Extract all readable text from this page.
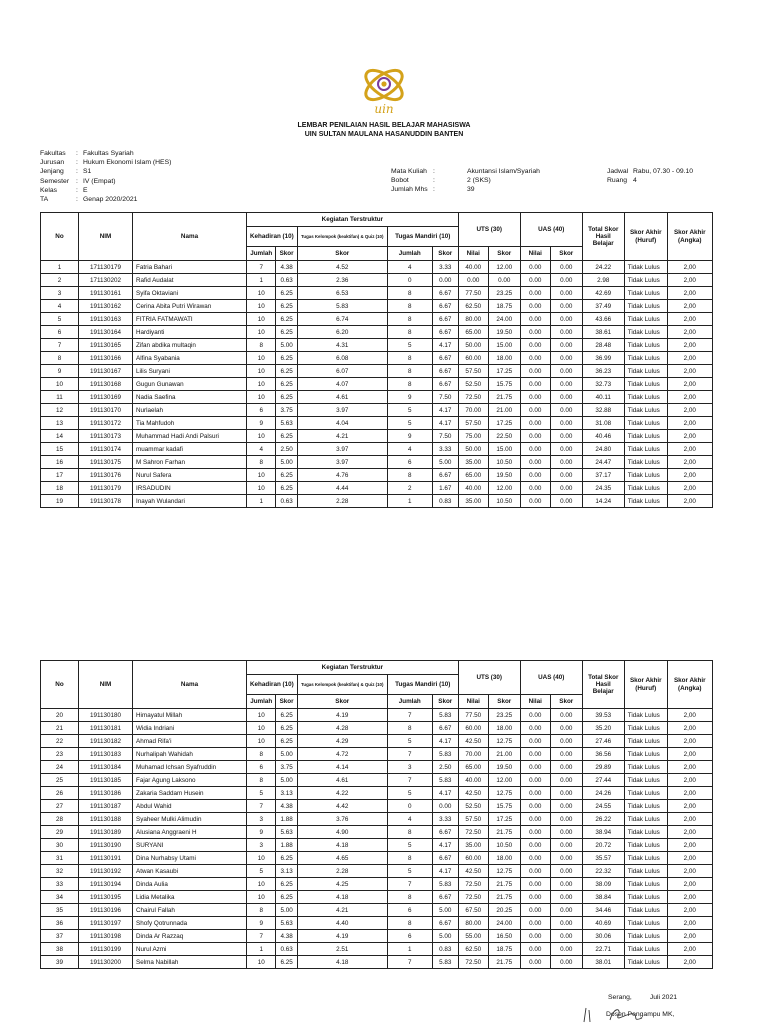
uin
LEMBAR PENILAIAN HASIL BELAJAR MAHASISWA
UIN SULTAN MAULANA HASANUDDIN BANTEN
Fakultas	: Fakultas Syariah
Jurusan	: Hukum Ekonomi Islam (HES)
Jenjang	: S1
Semester	: IV (Empat)
Kelas	: E
TA	: Genap 2020/2021
Mata Kuliah :	Akuntansi Islam/Syariah
Bobot	:	2 (SKS)
Jumlah Mhs :	39
Jadwal Rabu, 07.30 - 09.10
Ruang 4
No	NIM	Nama	Kegiatan Terstruktur					UTS (30)		UAS (40)		Total Skor Hasil Belajar	Skor Akhir (Huruf)	Skor Akhir (Angka)
			Kehadiran (10)		Tugas Kelompok (keaktifan) & Quiz (10)	Tugas Mandiri (10)								
			Jumlah	Skor	Skor	Jumlah	Skor	Nilai	Skor	Nilai	Skor			
1	171130179	Fatria Bahari	7	4.38	4.52	4	3.33	40.00	12.00	0.00	0.00	24.22	Tidak Lulus	2,00
2	171130202	Rafid Audalat	1	0.63	2.36	0	0.00	0.00	0.00	0.00	0.00	2.98	Tidak Lulus	2,00
3	191130161	Syifa Oktaviani	10	6.25	6.53	8	6.67	77.50	23.25	0.00	0.00	42.69	Tidak Lulus	2,00
4	191130162	Cerina Abita Putri Wirawan	10	6.25	5.83	8	6.67	62.50	18.75	0.00	0.00	37.49	Tidak Lulus	2,00
5	191130163	FITRIA FATMAWATI	10	6.25	6.74	8	6.67	80.00	24.00	0.00	0.00	43.66	Tidak Lulus	2,00
6	191130164	Hardiyanti	10	6.25	6.20	8	6.67	65.00	19.50	0.00	0.00	38.61	Tidak Lulus	2,00
7	191130165	Zifan abdika multaqin	8	5.00	4.31	5	4.17	50.00	15.00	0.00	0.00	28.48	Tidak Lulus	2,00
8	191130166	Alfina Syabania	10	6.25	6.08	8	6.67	60.00	18.00	0.00	0.00	36.99	Tidak Lulus	2,00
9	191130167	Lilis Suryani	10	6.25	6.07	8	6.67	57.50	17.25	0.00	0.00	36.23	Tidak Lulus	2,00
10	191130168	Gugun Gunawan	10	6.25	4.07	8	6.67	52.50	15.75	0.00	0.00	32.73	Tidak Lulus	2,00
11	191130169	Nadia Saefina	10	6.25	4.61	9	7.50	72.50	21.75	0.00	0.00	40.11	Tidak Lulus	2,00
12	191130170	Nurlaelah	6	3.75	3.97	5	4.17	70.00	21.00	0.00	0.00	32.88	Tidak Lulus	2,00
13	191130172	Tia Mahfudoh	9	5.63	4.04	5	4.17	57.50	17.25	0.00	0.00	31.08	Tidak Lulus	2,00
14	191130173	Muhammad Hadi Andi Palsuri	10	6.25	4.21	9	7.50	75.00	22.50	0.00	0.00	40.46	Tidak Lulus	2,00
15	191130174	muammar kadafi	4	2.50	3.97	4	3.33	50.00	15.00	0.00	0.00	24.80	Tidak Lulus	2,00
16	191130175	M Sahron Farhan	8	5.00	3.97	6	5.00	35.00	10.50	0.00	0.00	24.47	Tidak Lulus	2,00
17	191130176	Nurul Safera	10	6.25	4.76	8	6.67	65.00	19.50	0.00	0.00	37.17	Tidak Lulus	2,00
18	191130179	IRSADUDIN	10	6.25	4.44	2	1.67	40.00	12.00	0.00	0.00	24.35	Tidak Lulus	2,00
19	191130178	Inayah Wulandari	1	0.63	2.28	1	0.83	35.00	10.50	0.00	0.00	14.24	Tidak Lulus	2,00
No	NIM	Nama	Kegiatan Terstruktur					UTS (30)		UAS (40)		Total Skor Hasil Belajar	Skor Akhir (Huruf)	Skor Akhir (Angka)
			Kehadiran (10)		Tugas Kelompok (keaktifan) & Quiz (10)	Tugas Mandiri (10)								
			Jumlah	Skor	Skor	Jumlah	Skor	Nilai	Skor	Nilai	Skor			
20	191130180	Himayatul Millah	10	6.25	4.19	7	5.83	77.50	23.25	0.00	0.00	39.53	Tidak Lulus	2,00
21	191130181	Widia Indriani	10	6.25	4.28	8	6.67	60.00	18.00	0.00	0.00	35.20	Tidak Lulus	2,00
22	191130182	Ahmad Rifa'i	10	6.25	4.29	5	4.17	42.50	12.75	0.00	0.00	27.46	Tidak Lulus	2,00
23	191130183	Nurhalipah Wahidah	8	5.00	4.72	7	5.83	70.00	21.00	0.00	0.00	36.56	Tidak Lulus	2,00
24	191130184	Muhamad Ichsan Syafruddin	6	3.75	4.14	3	2.50	65.00	19.50	0.00	0.00	29.89	Tidak Lulus	2,00
25	191130185	Fajar Agung Laksono	8	5.00	4.61	7	5.83	40.00	12.00	0.00	0.00	27.44	Tidak Lulus	2,00
26	191130186	Zakaria Saddam Husein	5	3.13	4.22	5	4.17	42.50	12.75	0.00	0.00	24.26	Tidak Lulus	2,00
27	191130187	Abdul Wahid	7	4.38	4.42	0	0.00	52.50	15.75	0.00	0.00	24.55	Tidak Lulus	2,00
28	191130188	Syaheer Mulki Alimudin	3	1.88	3.76	4	3.33	57.50	17.25	0.00	0.00	26.22	Tidak Lulus	2,00
29	191130189	Alusiana Anggraeni H	9	5.63	4.90	8	6.67	72.50	21.75	0.00	0.00	38.94	Tidak Lulus	2,00
30	191130190	SURYANI	3	1.88	4.18	5	4.17	35.00	10.50	0.00	0.00	20.72	Tidak Lulus	2,00
31	191130191	Dina Nurhabsy Utami	10	6.25	4.65	8	6.67	60.00	18.00	0.00	0.00	35.57	Tidak Lulus	2,00
32	191130192	Atwan Kasaubi	5	3.13	2.28	5	4.17	42.50	12.75	0.00	0.00	22.32	Tidak Lulus	2,00
33	191130194	Dinda Aulia	10	6.25	4.25	7	5.83	72.50	21.75	0.00	0.00	38.09	Tidak Lulus	2,00
34	191130195	Lidia Metalika	10	6.25	4.18	8	6.67	72.50	21.75	0.00	0.00	38.84	Tidak Lulus	2,00
35	191130196	Chairul Fallah	8	5.00	4.21	6	5.00	67.50	20.25	0.00	0.00	34.46	Tidak Lulus	2,00
36	191130197	Shofy Qotrunnada	9	5.63	4.40	8	6.67	80.00	24.00	0.00	0.00	40.69	Tidak Lulus	2,00
37	191130198	Dinda Ar Razzaq	7	4.38	4.19	6	5.00	55.00	16.50	0.00	0.00	30.06	Tidak Lulus	2,00
38	191130199	Nurul Azmi	1	0.63	2.51	1	0.83	62.50	18.75	0.00	0.00	22.71	Tidak Lulus	2,00
39	191130200	Selma Nabillah	10	6.25	4.18	7	5.83	72.50	21.75	0.00	0.00	38.01	Tidak Lulus	2,00
Serang,	Juli 2021
Dosen Pengampu MK,
